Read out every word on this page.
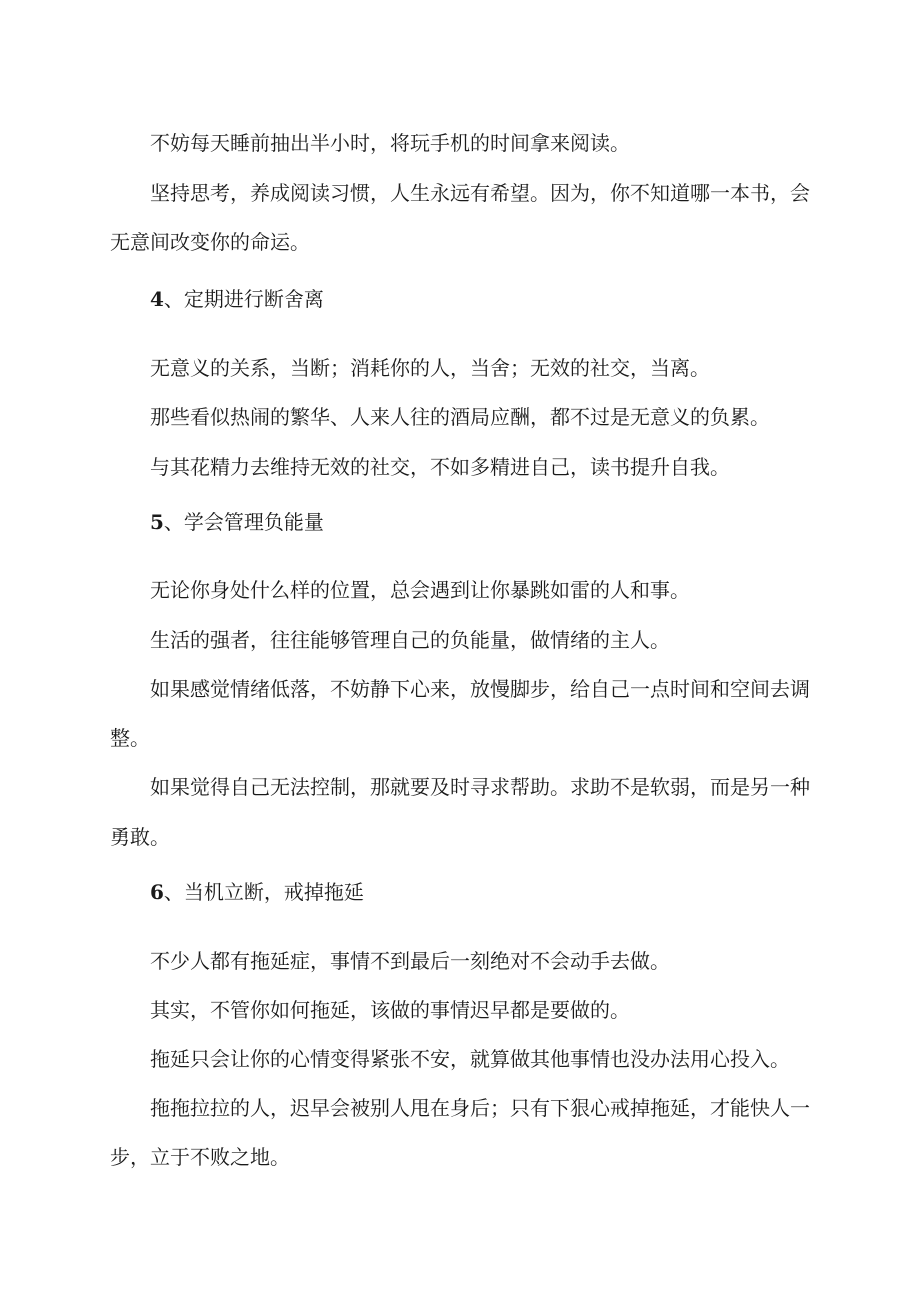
不妨每天睡前抽出半小时，将玩手机的时间拿来阅读。
坚持思考，养成阅读习惯，人生永远有希望。因为，你不知道哪一本书，会
无意间改变你的命运。
4、定期进行断舍离
无意义的关系，当断；消耗你的人，当舍；无效的社交，当离。
那些看似热闹的繁华、人来人往的酒局应酬，都不过是无意义的负累。
与其花精力去维持无效的社交，不如多精进自己，读书提升自我。
5、学会管理负能量
无论你身处什么样的位置，总会遇到让你暴跳如雷的人和事。
生活的强者，往往能够管理自己的负能量，做情绪的主人。
如果感觉情绪低落，不妨静下心来，放慢脚步，给自己一点时间和空间去调
整。
如果觉得自己无法控制，那就要及时寻求帮助。求助不是软弱，而是另一种
勇敢。
6、当机立断，戒掉拖延
不少人都有拖延症，事情不到最后一刻绝对不会动手去做。
其实，不管你如何拖延，该做的事情迟早都是要做的。
拖延只会让你的心情变得紧张不安，就算做其他事情也没办法用心投入。
拖拖拉拉的人，迟早会被别人甩在身后；只有下狠心戒掉拖延，才能快人一
步，立于不败之地。
